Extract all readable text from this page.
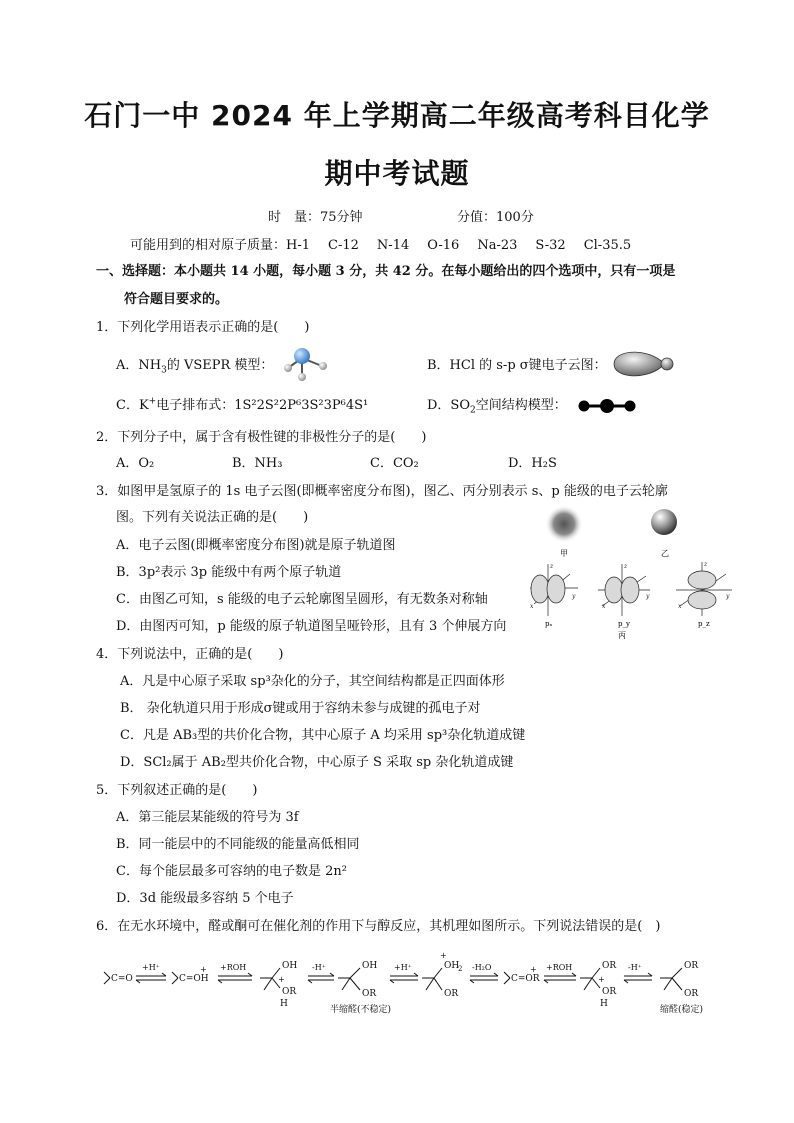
石门一中 2024 年上学期高二年级高考科目化学
期中考试题
时　量：75分钟	分值：100分
可能用到的相对原子质量：H-1 C-12 N-14 O-16 Na-23 S-32 Cl-35.5
一、选择题：本小题共 14 小题，每小题 3 分，共 42 分。在每小题给出的四个选项中，只有一项是
符合题目要求的。
1．下列化学用语表示正确的是(　　)
A．$NH_3$的 VSEPR 模型：	B．HCl 的 s-p σ键电子云图：
C．K+电子排布式：1S²2S²2P⁶3S²3P⁶4S¹	D．$SO_2$空间结构模型：
2．下列分子中，属于含有极性键的非极性分子的是(　　)
A．O₂	B．NH₃	C．CO₂	D．H₂S
3．如图甲是氢原子的 1s 电子云图(即概率密度分布图)，图乙、丙分别表示 s、p 能级的电子云轮廓
图。下列有关说法正确的是(　　)
A．电子云图(即概率密度分布图)就是原子轨道图
B．3p²表示 3p 能级中有两个原子轨道
C．由图乙可知，s 能级的电子云轮廓图呈圆形，有无数条对称轴
D．由图丙可知，p 能级的原子轨道图呈哑铃形，且有 3 个伸展方向
甲	乙
z
y
x
z
y
x
z
y
x
pₓ	p_y	p_z
丙
4．下列说法中，正确的是(　　)
A．凡是中心原子采取 sp³杂化的分子，其空间结构都是正四面体形
B． 杂化轨道只用于形成σ键或用于容纳未参与成键的孤电子对
C．凡是 AB₃型的共价化合物，其中心原子 A 均采用 sp³杂化轨道成键
D．SCl₂属于 AB₂型共价化合物，中心原子 S 采取 sp 杂化轨道成键
5．下列叙述正确的是(　　)
A．第三能层某能级的符号为 3f
B．同一能层中的不同能级的能量高低相同
C．每个能层最多可容纳的电子数是 2n²
D．3d 能级最多容纳 5 个电子
6．在无水环境中，醛或酮可在催化剂的作用下与醇反应，其机理如图所示。下列说法错误的是(　)
C=O
+H⁺
C=OH
+ +ROH	OH
+
OR
H
-H⁺	OH
OR
半缩醛(不稳定)
+H⁺
+
OH
2
OR
-H₂O
C=OR
+ +ROH	OR
+
OR
H
-H⁺	OR
OR
缩醛(稳定)
